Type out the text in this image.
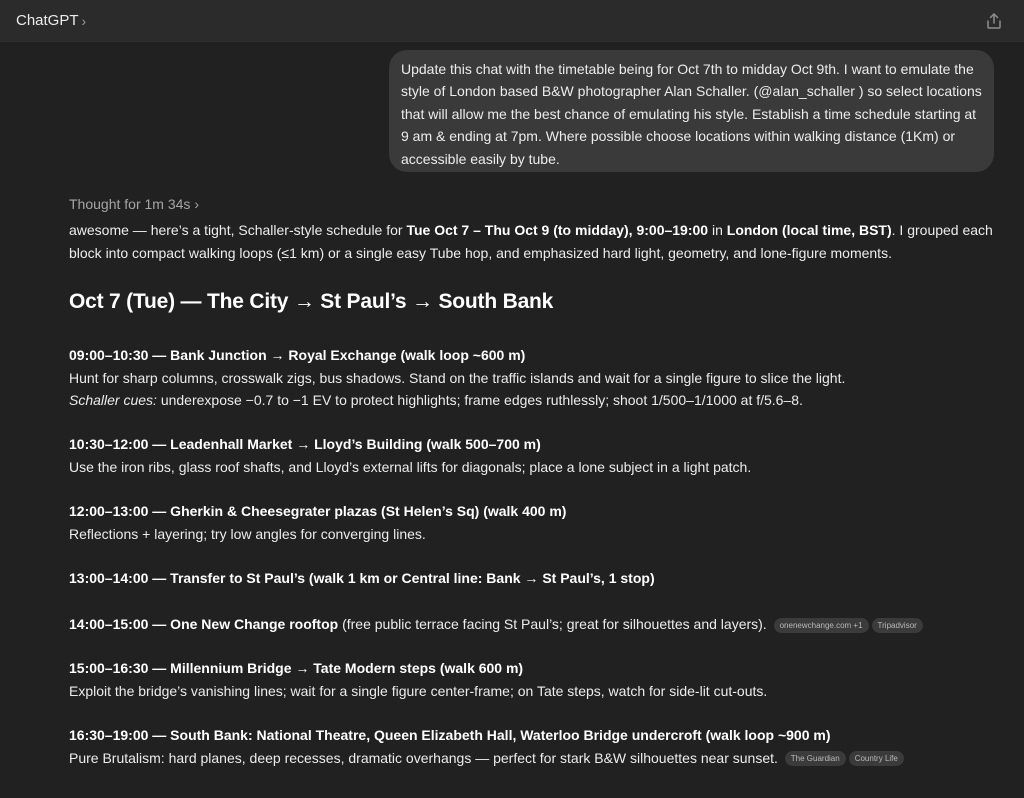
ChatGPT ›
Update this chat with the timetable being for Oct 7th to midday Oct 9th. I want to emulate the style of London based B&W photographer Alan Schaller. (@alan_schaller ) so select locations that will allow me the best chance of emulating his style. Establish a time schedule starting at 9 am & ending at 7pm. Where possible choose locations within walking distance (1Km) or accessible easily by tube.
Thought for 1m 34s ›

awesome — here’s a tight, Schaller-style schedule for Tue Oct 7 – Thu Oct 9 (to midday), 9:00–19:00 in London (local time, BST). I grouped each block into compact walking loops (≤1 km) or a single easy Tube hop, and emphasized hard light, geometry, and lone-figure moments.

Oct 7 (Tue) — The City → St Paul’s → South Bank
09:00–10:30 — Bank Junction → Royal Exchange (walk loop ~600 m)
Hunt for sharp columns, crosswalk zigs, bus shadows. Stand on the traffic islands and wait for a single figure to slice the light.
Schaller cues: underexpose −0.7 to −1 EV to protect highlights; frame edges ruthlessly; shoot 1/500–1/1000 at f/5.6–8.
10:30–12:00 — Leadenhall Market → Lloyd’s Building (walk 500–700 m)
Use the iron ribs, glass roof shafts, and Lloyd’s external lifts for diagonals; place a lone subject in a light patch.
12:00–13:00 — Gherkin & Cheesegrater plazas (St Helen’s Sq) (walk 400 m)
Reflections + layering; try low angles for converging lines.
13:00–14:00 — Transfer to St Paul’s (walk 1 km or Central line: Bank → St Paul’s, 1 stop)
14:00–15:00 — One New Change rooftop (free public terrace facing St Paul’s; great for silhouettes and layers). onenewchange.com +1 Tripadvisor
15:00–16:30 — Millennium Bridge → Tate Modern steps (walk 600 m)
Exploit the bridge’s vanishing lines; wait for a single figure center-frame; on Tate steps, watch for side-lit cut-outs.
16:30–19:00 — South Bank: National Theatre, Queen Elizabeth Hall, Waterloo Bridge undercroft (walk loop ~900 m)
Pure Brutalism: hard planes, deep recesses, dramatic overhangs — perfect for stark B&W silhouettes near sunset. The Guardian Country Life
